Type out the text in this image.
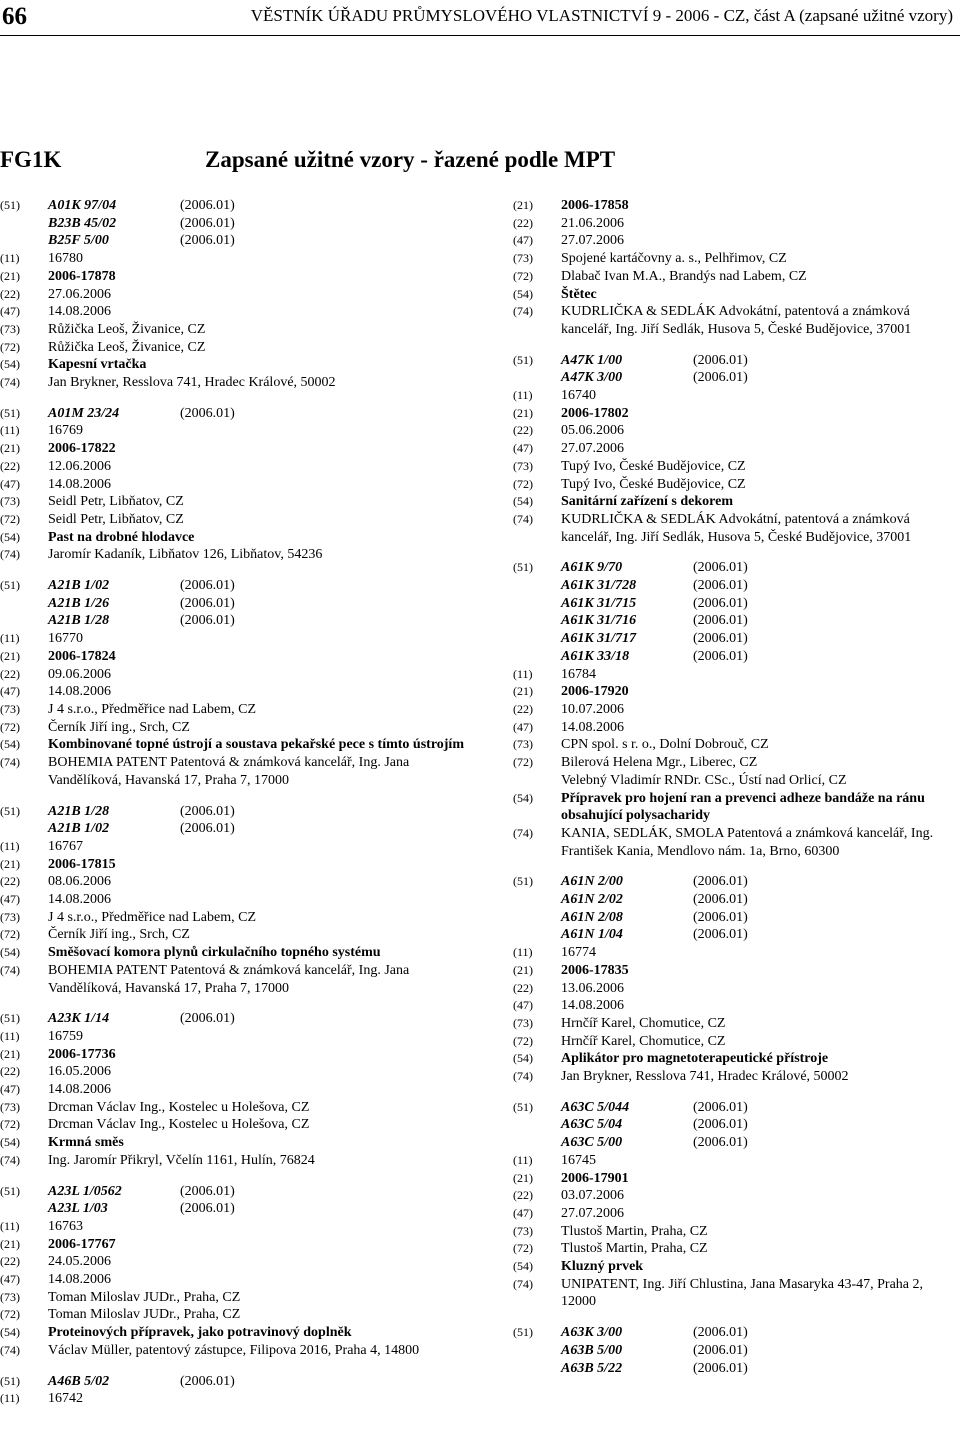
66	VĚSTNÍK ÚŘADU PRŮMYSLOVÉHO VLASTNICTVÍ 9 - 2006 - CZ, část A (zapsané užitné vzory)
FG1K	Zapsané užitné vzory - řazené podle MPT
(51)	A01K 97/04	(2006.01)
B23B 45/02	(2006.01)
B25F 5/00	(2006.01)
(11)	16780
(21)	2006-17878
(22)	27.06.2006
(47)	14.08.2006
(73)	Růžička Leoš, Živanice, CZ
(72)	Růžička Leoš, Živanice, CZ
(54)	Kapesní vrtačka
(74)	Jan Brykner, Resslova 741, Hradec Králové, 50002
(51)	A01M 23/24	(2006.01)
(11)	16769
(21)	2006-17822
(22)	12.06.2006
(47)	14.08.2006
(73)	Seidl Petr, Libňatov, CZ
(72)	Seidl Petr, Libňatov, CZ
(54)	Past na drobné hlodavce
(74)	Jaromír Kadaník, Libňatov 126, Libňatov, 54236
(51)	A21B 1/02	(2006.01)
A21B 1/26	(2006.01)
A21B 1/28	(2006.01)
(11)	16770
(21)	2006-17824
(22)	09.06.2006
(47)	14.08.2006
(73)	J 4 s.r.o., Předměřice nad Labem, CZ
(72)	Černík Jiří ing., Srch, CZ
(54)	Kombinované topné ústrojí a soustava pekařské pece s tímto ústrojím
(74)	BOHEMIA PATENT Patentová & známková kancelář, Ing. Jana Vandělíková, Havanská 17, Praha 7, 17000
(51)	A21B 1/28	(2006.01)
A21B 1/02	(2006.01)
(11)	16767
(21)	2006-17815
(22)	08.06.2006
(47)	14.08.2006
(73)	J 4 s.r.o., Předměřice nad Labem, CZ
(72)	Černík Jiří ing., Srch, CZ
(54)	Směšovací komora plynů cirkulačního topného systému
(74)	BOHEMIA PATENT Patentová & známková kancelář, Ing. Jana Vandělíková, Havanská 17, Praha 7, 17000
(51)	A23K 1/14	(2006.01)
(11)	16759
(21)	2006-17736
(22)	16.05.2006
(47)	14.08.2006
(73)	Drcman Václav Ing., Kostelec u Holešova, CZ
(72)	Drcman Václav Ing., Kostelec u Holešova, CZ
(54)	Krmná směs
(74)	Ing. Jaromír Přikryl, Včelín 1161, Hulín, 76824
(51)	A23L 1/0562	(2006.01)
A23L 1/03	(2006.01)
(11)	16763
(21)	2006-17767
(22)	24.05.2006
(47)	14.08.2006
(73)	Toman Miloslav JUDr., Praha, CZ
(72)	Toman Miloslav JUDr., Praha, CZ
(54)	Proteinových přípravek, jako potravinový doplněk
(74)	Václav Müller, patentový zástupce, Filipova 2016, Praha 4, 14800
(51)	A46B 5/02	(2006.01)
(11)	16742
(21)	2006-17858
(22)	21.06.2006
(47)	27.07.2006
(73)	Spojené kartáčovny a. s., Pelhřimov, CZ
(72)	Dlabač Ivan M.A., Brandýs nad Labem, CZ
(54)	Štětec
(74)	KUDRLIČKA & SEDLÁK Advokátní, patentová a známková kancelář, Ing. Jiří Sedlák, Husova 5, České Budějovice, 37001
(51)	A47K 1/00	(2006.01)
A47K 3/00	(2006.01)
(11)	16740
(21)	2006-17802
(22)	05.06.2006
(47)	27.07.2006
(73)	Tupý Ivo, České Budějovice, CZ
(72)	Tupý Ivo, České Budějovice, CZ
(54)	Sanitární zařízení s dekorem
(74)	KUDRLIČKA & SEDLÁK Advokátní, patentová a známková kancelář, Ing. Jiří Sedlák, Husova 5, České Budějovice, 37001
(51)	A61K 9/70	(2006.01)
A61K 31/728	(2006.01)
A61K 31/715	(2006.01)
A61K 31/716	(2006.01)
A61K 31/717	(2006.01)
A61K 33/18	(2006.01)
(11)	16784
(21)	2006-17920
(22)	10.07.2006
(47)	14.08.2006
(73)	CPN spol. s r. o., Dolní Dobrouč, CZ
(72)	Bilerová Helena Mgr., Liberec, CZ
Velebný Vladimír RNDr. CSc., Ústí nad Orlicí, CZ
(54)	Přípravek pro hojení ran a prevenci adheze bandáže na ránu obsahující polysacharidy
(74)	KANIA, SEDLÁK, SMOLA Patentová a známková kancelář, Ing. František Kania, Mendlovo nám. 1a, Brno, 60300
(51)	A61N 2/00	(2006.01)
A61N 2/02	(2006.01)
A61N 2/08	(2006.01)
A61N 1/04	(2006.01)
(11)	16774
(21)	2006-17835
(22)	13.06.2006
(47)	14.08.2006
(73)	Hrnčíř Karel, Chomutice, CZ
(72)	Hrnčíř Karel, Chomutice, CZ
(54)	Aplikátor pro magnetoterapeutické přístroje
(74)	Jan Brykner, Resslova 741, Hradec Králové, 50002
(51)	A63C 5/044	(2006.01)
A63C 5/04	(2006.01)
A63C 5/00	(2006.01)
(11)	16745
(21)	2006-17901
(22)	03.07.2006
(47)	27.07.2006
(73)	Tlustoš Martin, Praha, CZ
(72)	Tlustoš Martin, Praha, CZ
(54)	Kluzný prvek
(74)	UNIPATENT, Ing. Jiří Chlustina, Jana Masaryka 43-47, Praha 2, 12000
(51)	A63K 3/00	(2006.01)
A63B 5/00	(2006.01)
A63B 5/22	(2006.01)
